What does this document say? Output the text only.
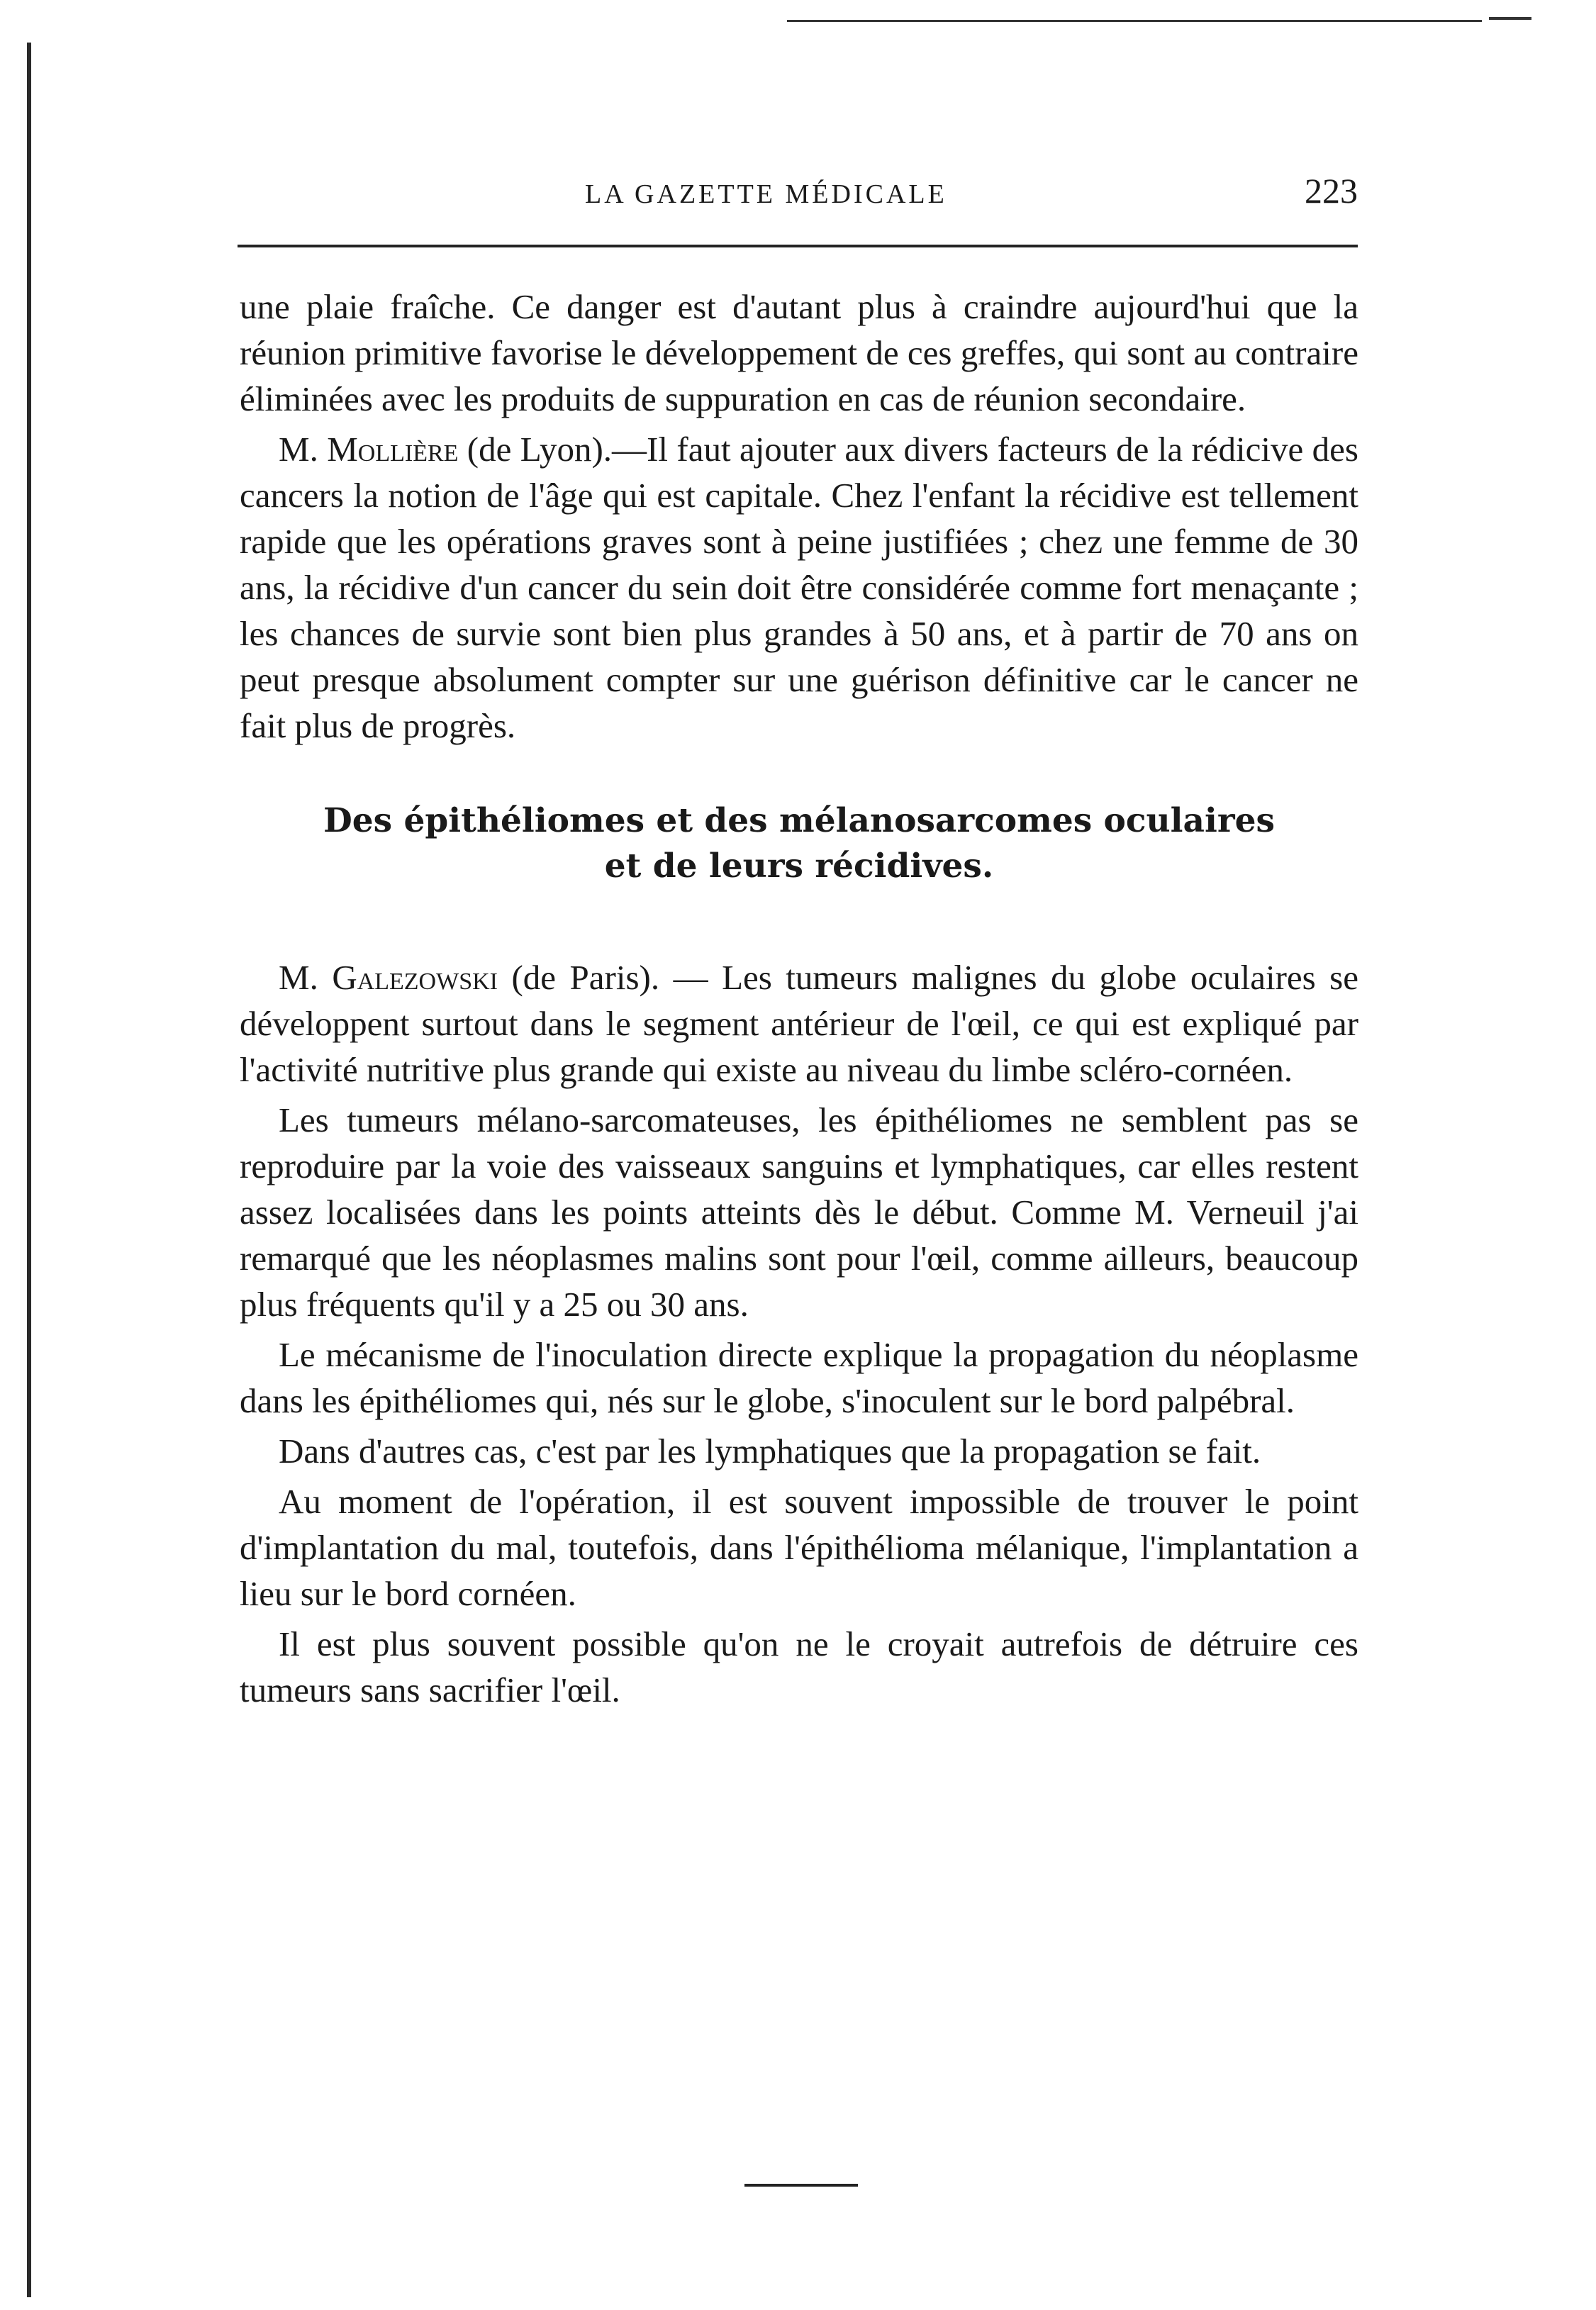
LA GAZETTE MÉDICALE	223

une plaie fraîche. Ce danger est d'autant plus à craindre aujourd'hui que la réunion primitive favorise le développement de ces greffes, qui sont au contraire éliminées avec les produits de suppuration en cas de réunion secondaire.

M. Mollière (de Lyon).—Il faut ajouter aux divers facteurs de la rédicive des cancers la notion de l'âge qui est capitale. Chez l'enfant la récidive est tellement rapide que les opérations graves sont à peine justifiées ; chez une femme de 30 ans, la récidive d'un cancer du sein doit être considérée comme fort menaçante ; les chances de survie sont bien plus grandes à 50 ans, et à partir de 70 ans on peut presque absolument compter sur une guérison définitive car le cancer ne fait plus de progrès.

Des épithéliomes et des mélanosarcomes oculaires

et de leurs récidives.

M. Galezowski (de Paris). — Les tumeurs malignes du globe oculaires se développent surtout dans le segment antérieur de l'œil, ce qui est expliqué par l'activité nutritive plus grande qui existe au niveau du limbe scléro-cornéen.

Les tumeurs mélano-sarcomateuses, les épithéliomes ne semblent pas se reproduire par la voie des vaisseaux sanguins et lymphatiques, car elles restent assez localisées dans les points atteints dès le début. Comme M. Verneuil j'ai remarqué que les néoplasmes malins sont pour l'œil, comme ailleurs, beaucoup plus fréquents qu'il y a 25 ou 30 ans.

Le mécanisme de l'inoculation directe explique la propagation du néoplasme dans les épithéliomes qui, nés sur le globe, s'inoculent sur le bord palpébral.

Dans d'autres cas, c'est par les lymphatiques que la propagation se fait.

Au moment de l'opération, il est souvent impossible de trouver le point d'implantation du mal, toutefois, dans l'épithélioma mélanique, l'implantation a lieu sur le bord cornéen.

Il est plus souvent possible qu'on ne le croyait autrefois de détruire ces tumeurs sans sacrifier l'œil.
